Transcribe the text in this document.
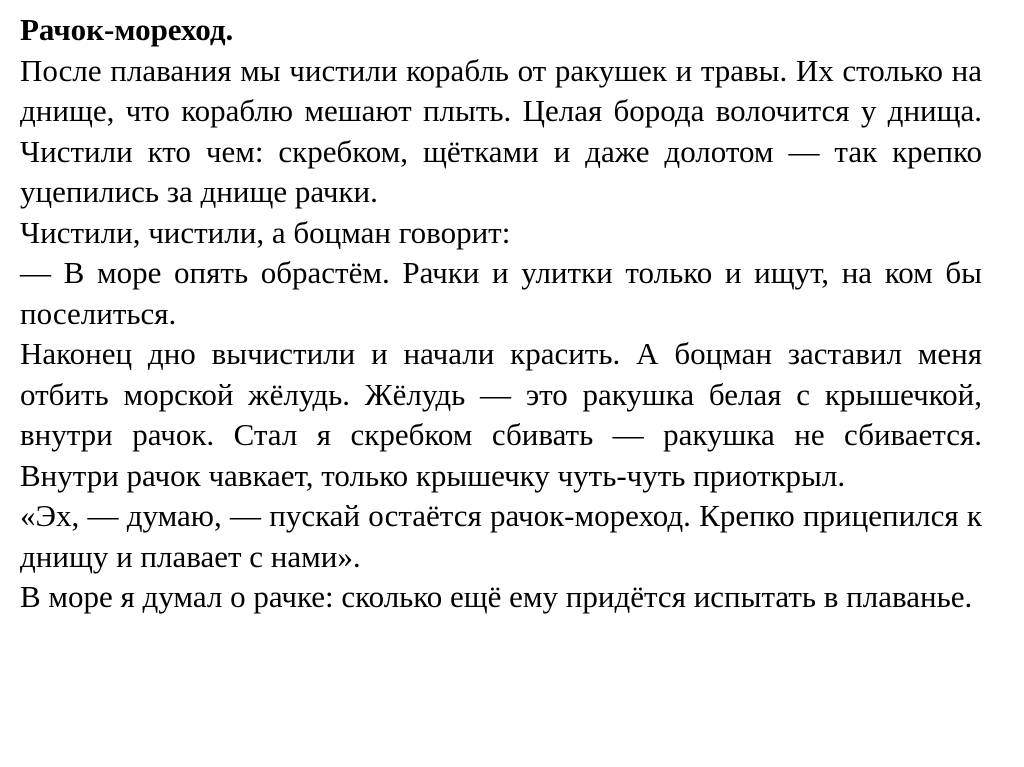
Рачок-мореход.

После плавания мы чистили корабль от ракушек и травы. Их столько на днище, что кораблю мешают плыть. Целая борода волочится у днища. Чистили кто чем: скребком, щётками и даже долотом — так крепко уцепились за днище рачки.

Чистили, чистили, а боцман говорит:

— В море опять обрастём. Рачки и улитки только и ищут, на ком бы поселиться.

Наконец дно вычистили и начали красить. А боцман заставил меня отбить морской жёлудь. Жёлудь — это ракушка белая с крышечкой, внутри рачок. Стал я скребком сбивать — ракушка не сбивается. Внутри рачок чавкает, только крышечку чуть-чуть приоткрыл.

«Эх, — думаю, — пускай остаётся рачок-мореход. Крепко прицепился к днищу и плавает с нами».

В море я думал о рачке: сколько ещё ему придётся испытать в плаванье.
